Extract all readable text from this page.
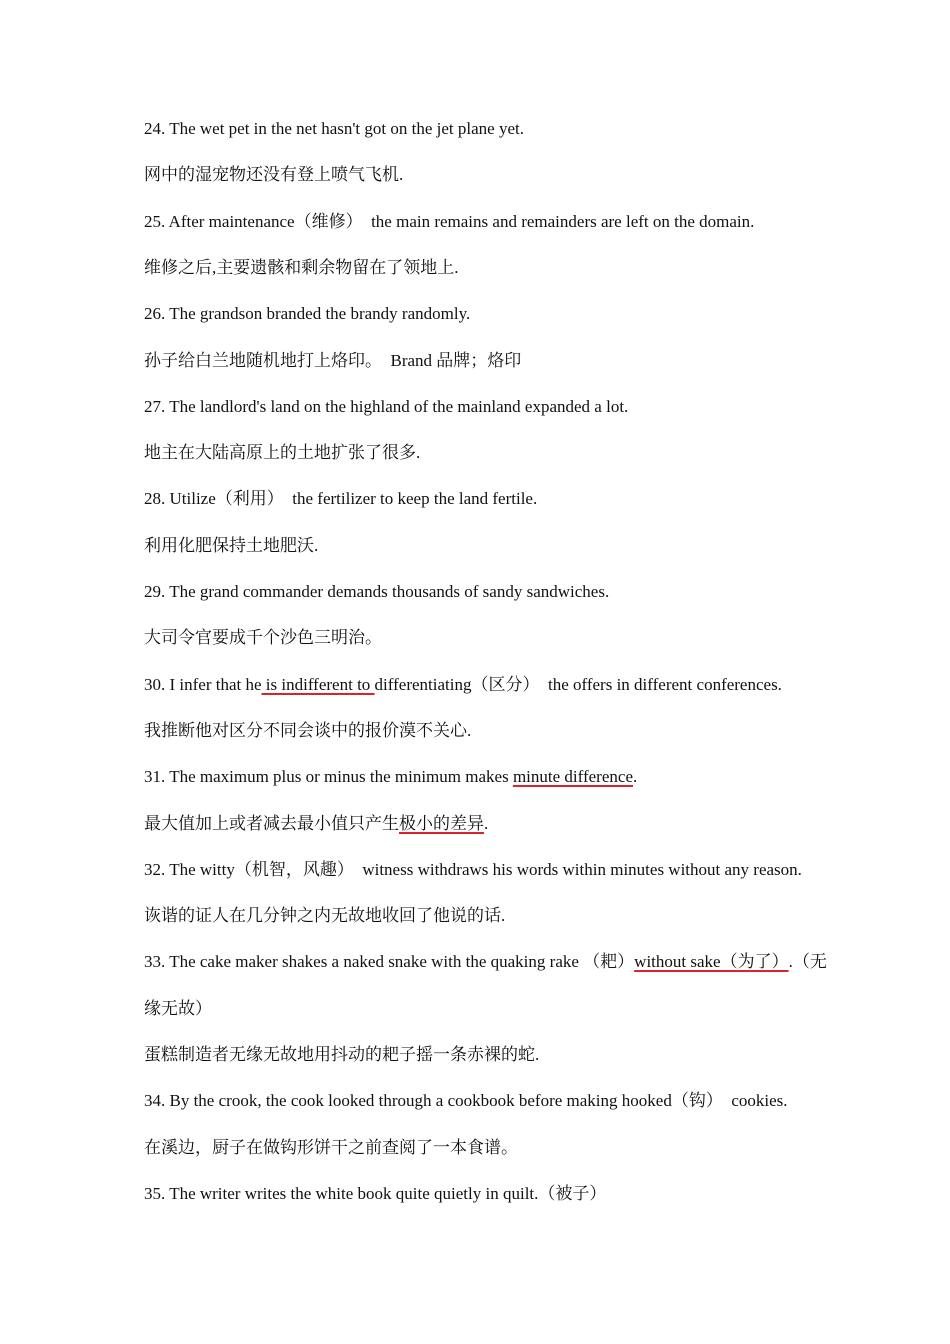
24. The wet pet in the net hasn't got on the jet plane yet.
网中的湿宠物还没有登上喷气飞机.
25. After maintenance（维修）  the main remains and remainders are left on the domain.
维修之后,主要遗骸和剩余物留在了领地上.
26. The grandson branded the brandy randomly.
孙子给白兰地随机地打上烙印。  Brand 品牌；烙印
27. The landlord's land on the highland of the mainland expanded a lot.
地主在大陆高原上的土地扩张了很多.
28. Utilize（利用）  the fertilizer to keep the land fertile.
利用化肥保持土地肥沃.
29. The grand commander demands thousands of sandy sandwiches.
大司令官要成千个沙色三明治。
30. I infer that he is indifferent to differentiating（区分）  the offers in different conferences.
我推断他对区分不同会谈中的报价漠不关心.
31. The maximum plus or minus the minimum makes minute difference.
最大值加上或者减去最小值只产生极小的差异.
32. The witty（机智，风趣）  witness withdraws his words within minutes without any reason.
诙谐的证人在几分钟之内无故地收回了他说的话.
33. The cake maker shakes a naked snake with the quaking rake （耙）without sake（为了）.（无
缘无故）
蛋糕制造者无缘无故地用抖动的耙子摇一条赤裸的蛇.
34. By the crook, the cook looked through a cookbook before making hooked（钩）  cookies.
在溪边，厨子在做钩形饼干之前查阅了一本食谱。
35. The writer writes the white book quite quietly in quilt.（被子）
